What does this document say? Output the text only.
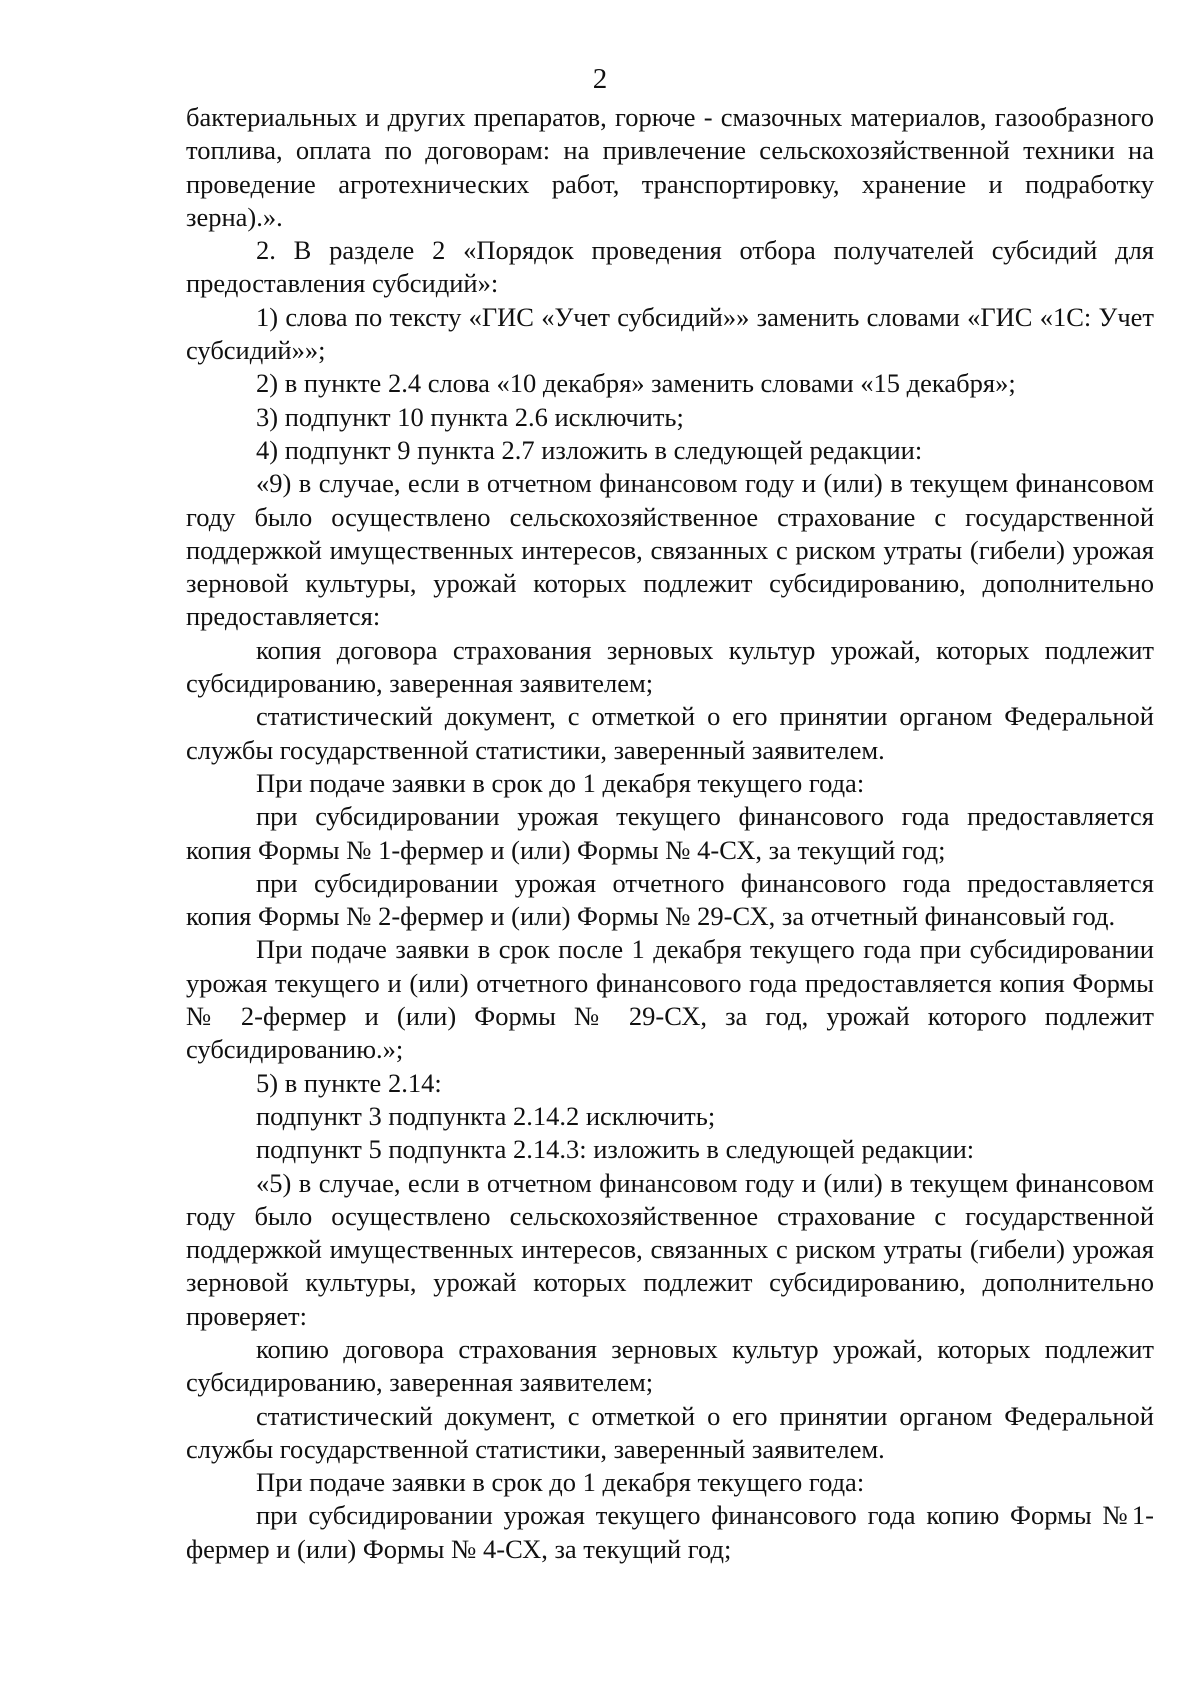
2

бактериальных и других препаратов, горюче - смазочных материалов, газообразного топлива, оплата по договорам: на привлечение сельскохозяйственной техники на проведение агротехнических работ, транспортировку, хранение и подработку зерна).».

2. В разделе 2 «Порядок проведения отбора получателей субсидий для предоставления субсидий»:

1) слова по тексту «ГИС «Учет субсидий»» заменить словами «ГИС «1С: Учет субсидий»»;

2) в пункте 2.4 слова «10 декабря» заменить словами «15 декабря»;

3) подпункт 10 пункта 2.6 исключить;

4) подпункт 9 пункта 2.7 изложить в следующей редакции:

«9) в случае, если в отчетном финансовом году и (или) в текущем финансовом году было осуществлено сельскохозяйственное страхование с государственной поддержкой имущественных интересов, связанных с риском утраты (гибели) урожая зерновой культуры, урожай которых подлежит субсидированию, дополнительно предоставляется:

копия договора страхования зерновых культур урожай, которых подлежит субсидированию, заверенная заявителем;

статистический документ, с отметкой о его принятии органом Федеральной службы государственной статистики, заверенный заявителем.

При подаче заявки в срок до 1 декабря текущего года:

при субсидировании урожая текущего финансового года предоставляется копия Формы № 1-фермер и (или) Формы № 4-СХ, за текущий год;

при субсидировании урожая отчетного финансового года предоставляется копия Формы № 2-фермер и (или) Формы № 29-СХ, за отчетный финансовый год.

При подаче заявки в срок после 1 декабря текущего года при субсидировании урожая текущего и (или) отчетного финансового года предоставляется копия Формы № 2-фермер и (или) Формы № 29-СХ, за год, урожай которого подлежит субсидированию.»;

5) в пункте 2.14:

подпункт 3 подпункта 2.14.2 исключить;

подпункт 5 подпункта 2.14.3: изложить в следующей редакции:

«5) в случае, если в отчетном финансовом году и (или) в текущем финансовом году было осуществлено сельскохозяйственное страхование с государственной поддержкой имущественных интересов, связанных с риском утраты (гибели) урожая зерновой культуры, урожай которых подлежит субсидированию, дополнительно проверяет:

копию договора страхования зерновых культур урожай, которых подлежит субсидированию, заверенная заявителем;

статистический документ, с отметкой о его принятии органом Федеральной службы государственной статистики, заверенный заявителем.

При подаче заявки в срок до 1 декабря текущего года:

при субсидировании урожая текущего финансового года копию Формы №1-фермер и (или) Формы № 4-СХ, за текущий год;
